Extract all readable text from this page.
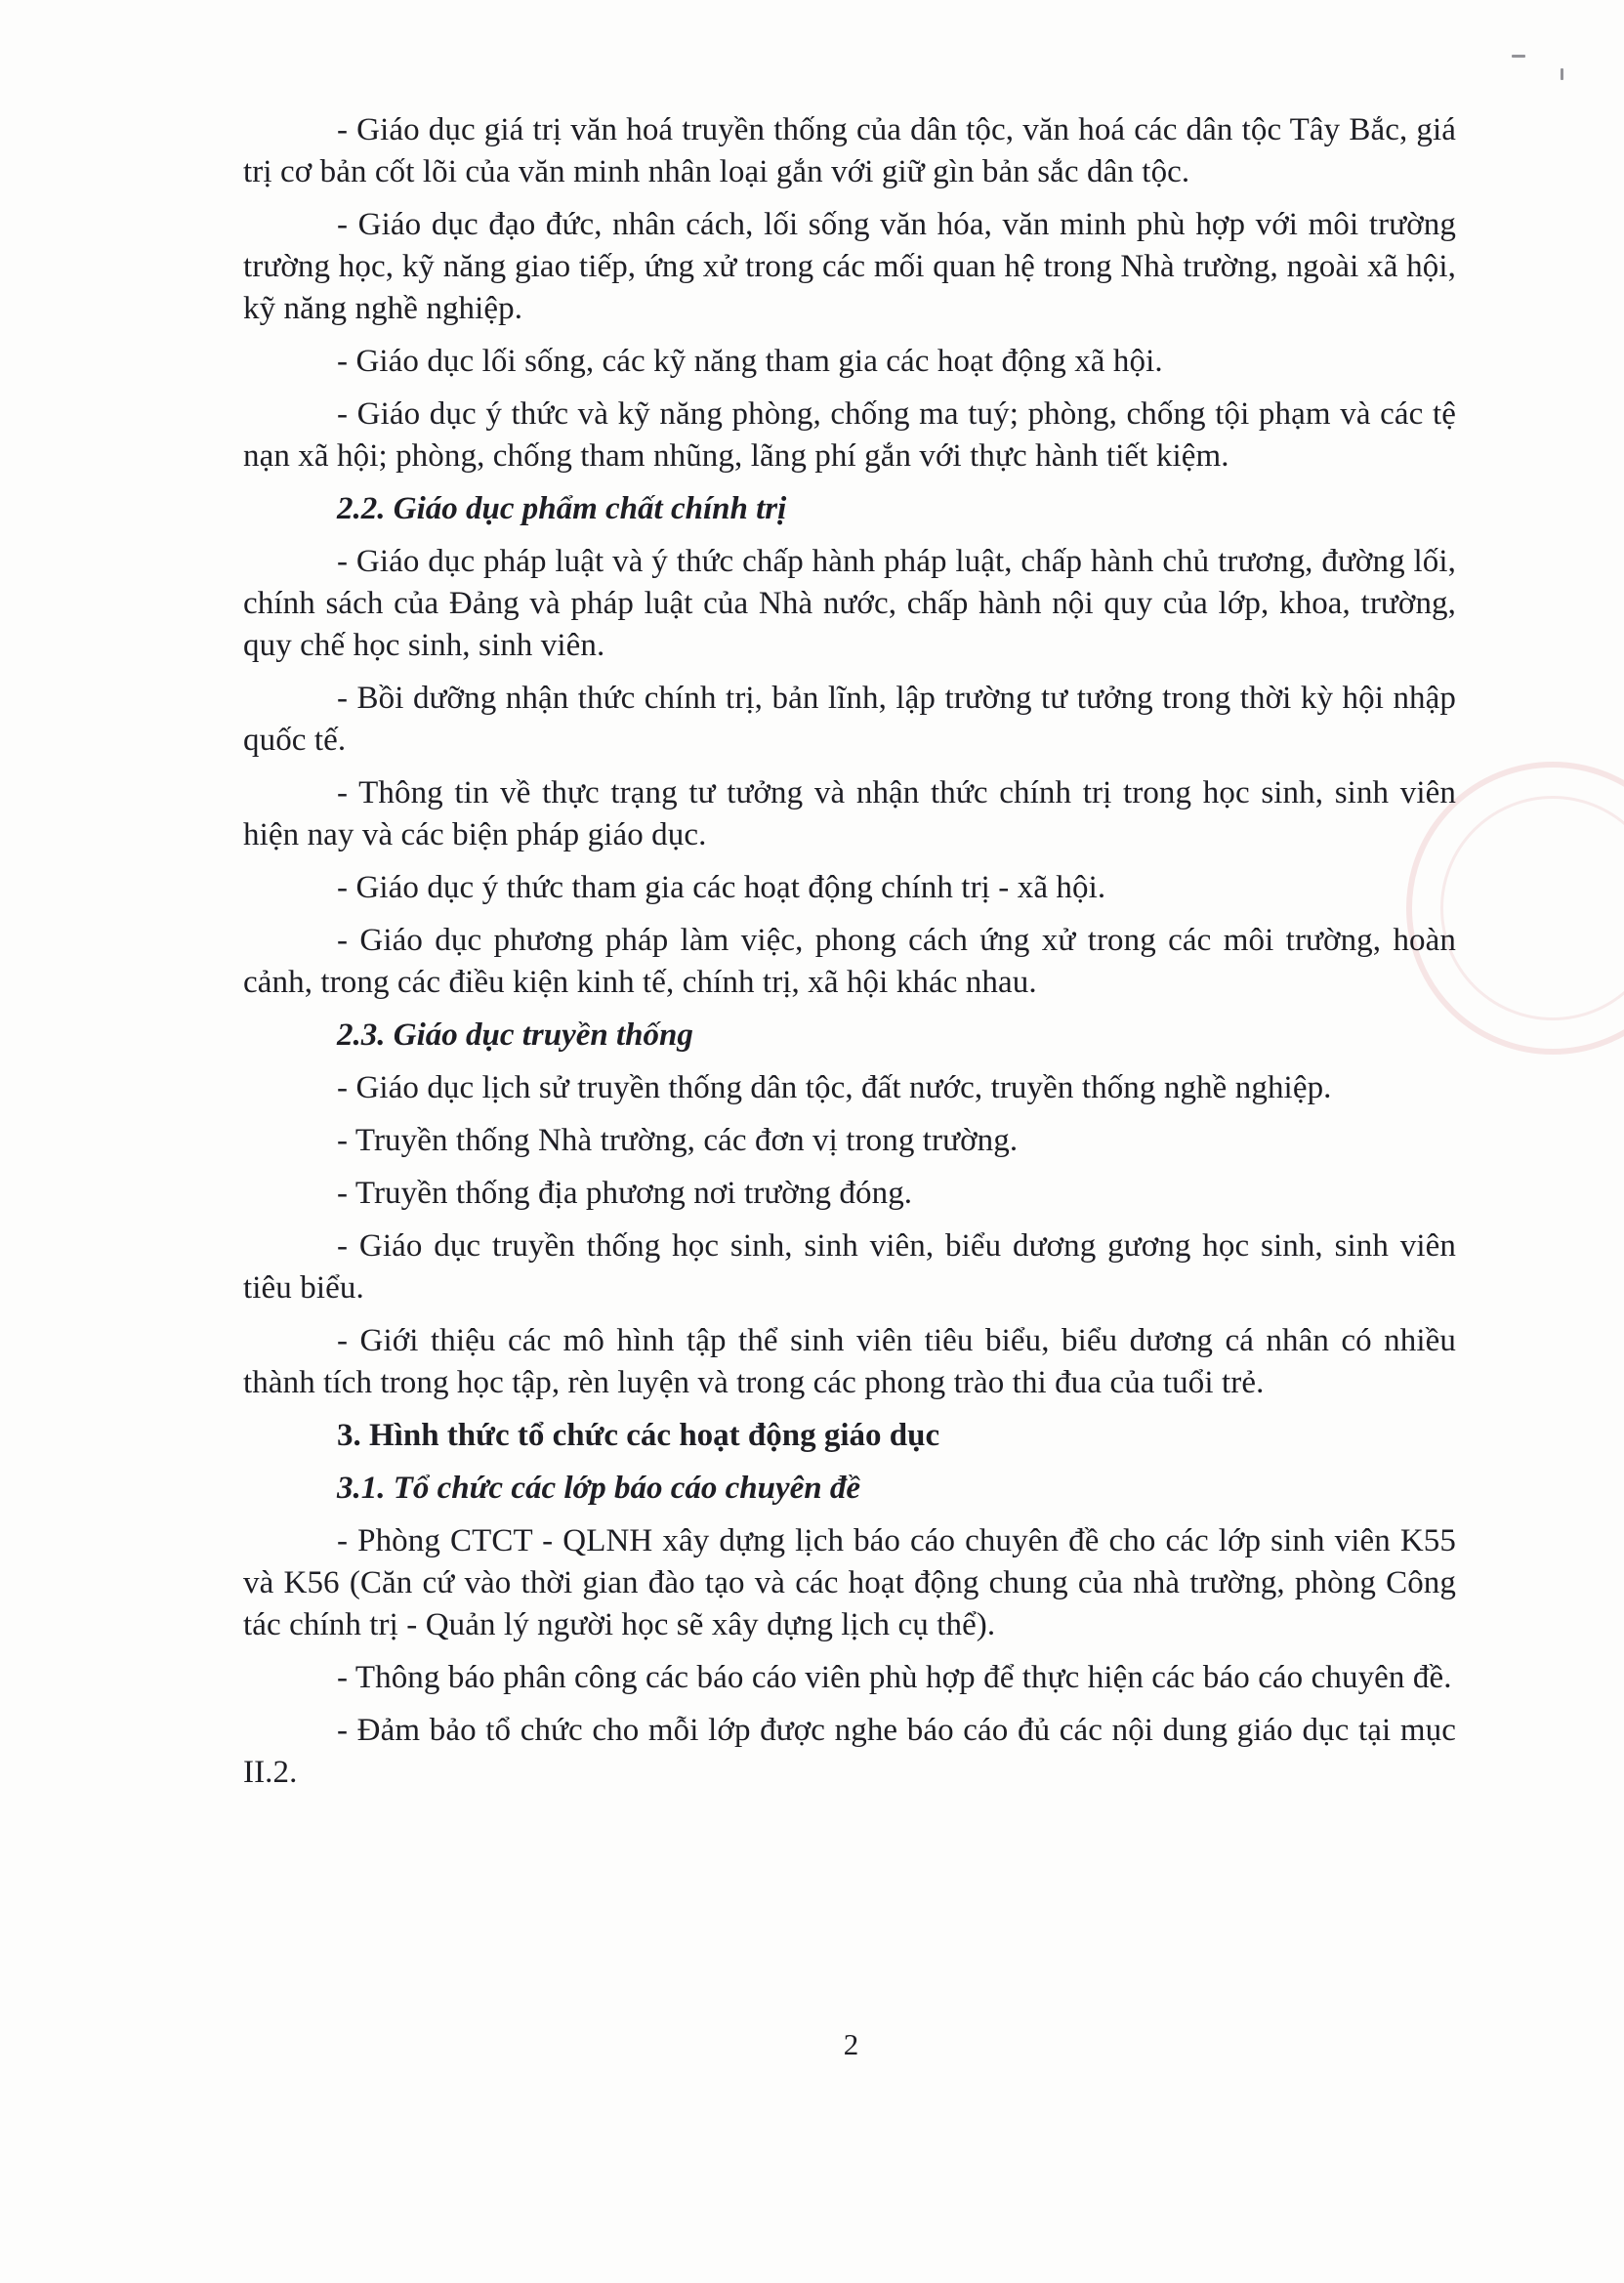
- Giáo dục giá trị văn hoá truyền thống của dân tộc, văn hoá các dân tộc Tây Bắc, giá trị cơ bản cốt lõi của văn minh nhân loại gắn với giữ gìn bản sắc dân tộc.

- Giáo dục đạo đức, nhân cách, lối sống văn hóa, văn minh phù hợp với môi trường trường học, kỹ năng giao tiếp, ứng xử trong các mối quan hệ trong Nhà trường, ngoài xã hội, kỹ năng nghề nghiệp.

- Giáo dục lối sống, các kỹ năng tham gia các hoạt động xã hội.

- Giáo dục ý thức và kỹ năng phòng, chống ma tuý; phòng, chống tội phạm và các tệ nạn xã hội; phòng, chống tham nhũng, lãng phí gắn với thực hành tiết kiệm.

2.2. Giáo dục phẩm chất chính trị

- Giáo dục pháp luật và ý thức chấp hành pháp luật, chấp hành chủ trương, đường lối, chính sách của Đảng và pháp luật của Nhà nước, chấp hành nội quy của lớp, khoa, trường, quy chế học sinh, sinh viên.

- Bồi dưỡng nhận thức chính trị, bản lĩnh, lập trường tư tưởng trong thời kỳ hội nhập quốc tế.

- Thông tin về thực trạng tư tưởng và nhận thức chính trị trong học sinh, sinh viên hiện nay và các biện pháp giáo dục.

- Giáo dục ý thức tham gia các hoạt động chính trị - xã hội.

- Giáo dục phương pháp làm việc, phong cách ứng xử trong các môi trường, hoàn cảnh, trong các điều kiện kinh tế, chính trị, xã hội khác nhau.

2.3. Giáo dục truyền thống

- Giáo dục lịch sử truyền thống dân tộc, đất nước, truyền thống nghề nghiệp.

- Truyền thống Nhà trường, các đơn vị trong trường.

- Truyền thống địa phương nơi trường đóng.

- Giáo dục truyền thống học sinh, sinh viên, biểu dương gương học sinh, sinh viên tiêu biểu.

- Giới thiệu các mô hình tập thể sinh viên tiêu biểu, biểu dương cá nhân có nhiều thành tích trong học tập, rèn luyện và trong các phong trào thi đua của tuổi trẻ.

3. Hình thức tổ chức các hoạt động giáo dục

3.1. Tổ chức các lớp báo cáo chuyên đề

- Phòng CTCT - QLNH xây dựng lịch báo cáo chuyên đề cho các lớp sinh viên K55 và K56 (Căn cứ vào thời gian đào tạo và các hoạt động chung của nhà trường, phòng Công tác chính trị - Quản lý người học sẽ xây dựng lịch cụ thể).

- Thông báo phân công các báo cáo viên phù hợp để thực hiện các báo cáo chuyên đề.

- Đảm bảo tổ chức cho mỗi lớp được nghe báo cáo đủ các nội dung giáo dục tại mục II.2.

2
